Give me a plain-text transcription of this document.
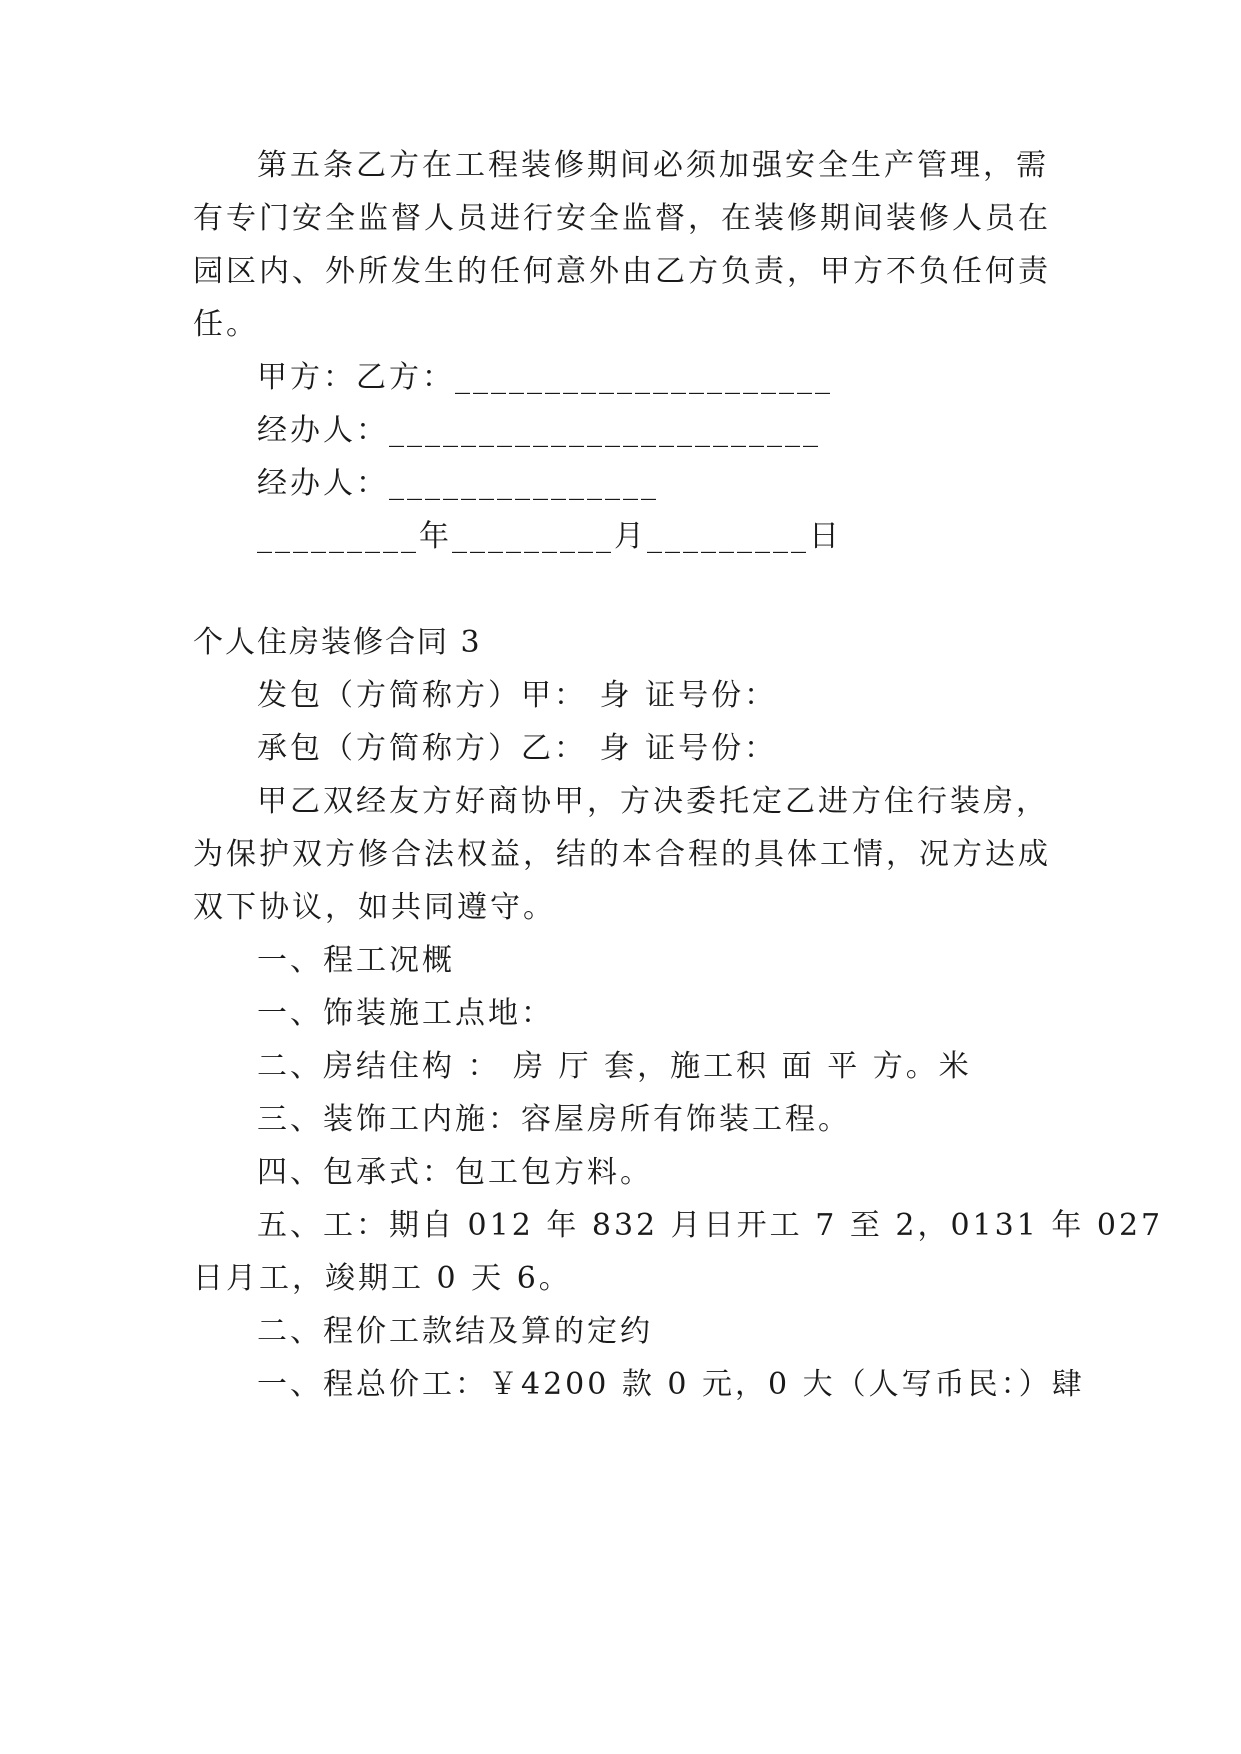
第五条乙方在工程装修期间必须加强安全生产管理，需
有专门安全监督人员进行安全监督，在装修期间装修人员在
园区内、外所发生的任何意外由乙方负责，甲方不负任何责
任。
甲方：乙方：_____________________
经办人：________________________
经办人：_______________
_________年_________月_________日
个人住房装修合同 3
发包（方简称方）甲： 身 证号份：
承包（方简称方）乙： 身 证号份：
甲乙双经友方好商协甲，方决委托定乙进方住行装房，
为保护双方修合法权益，结的本合程的具体工情，况方达成
双下协议，如共同遵守。
一、程工况概
一、饰装施工点地：
二、房结住构 ： 房 厅 套，施工积 面 平 方。米
三、装饰工内施：容屋房所有饰装工程。
四、包承式：包工包方料。
五、工：期自 012 年 832 月日开工 7 至 2，0131 年 027
日月工，竣期工 0 天 6。
二、程价工款结及算的定约
一、程总价工：￥4200 款 0 元，0 大（人写币民：）肆
